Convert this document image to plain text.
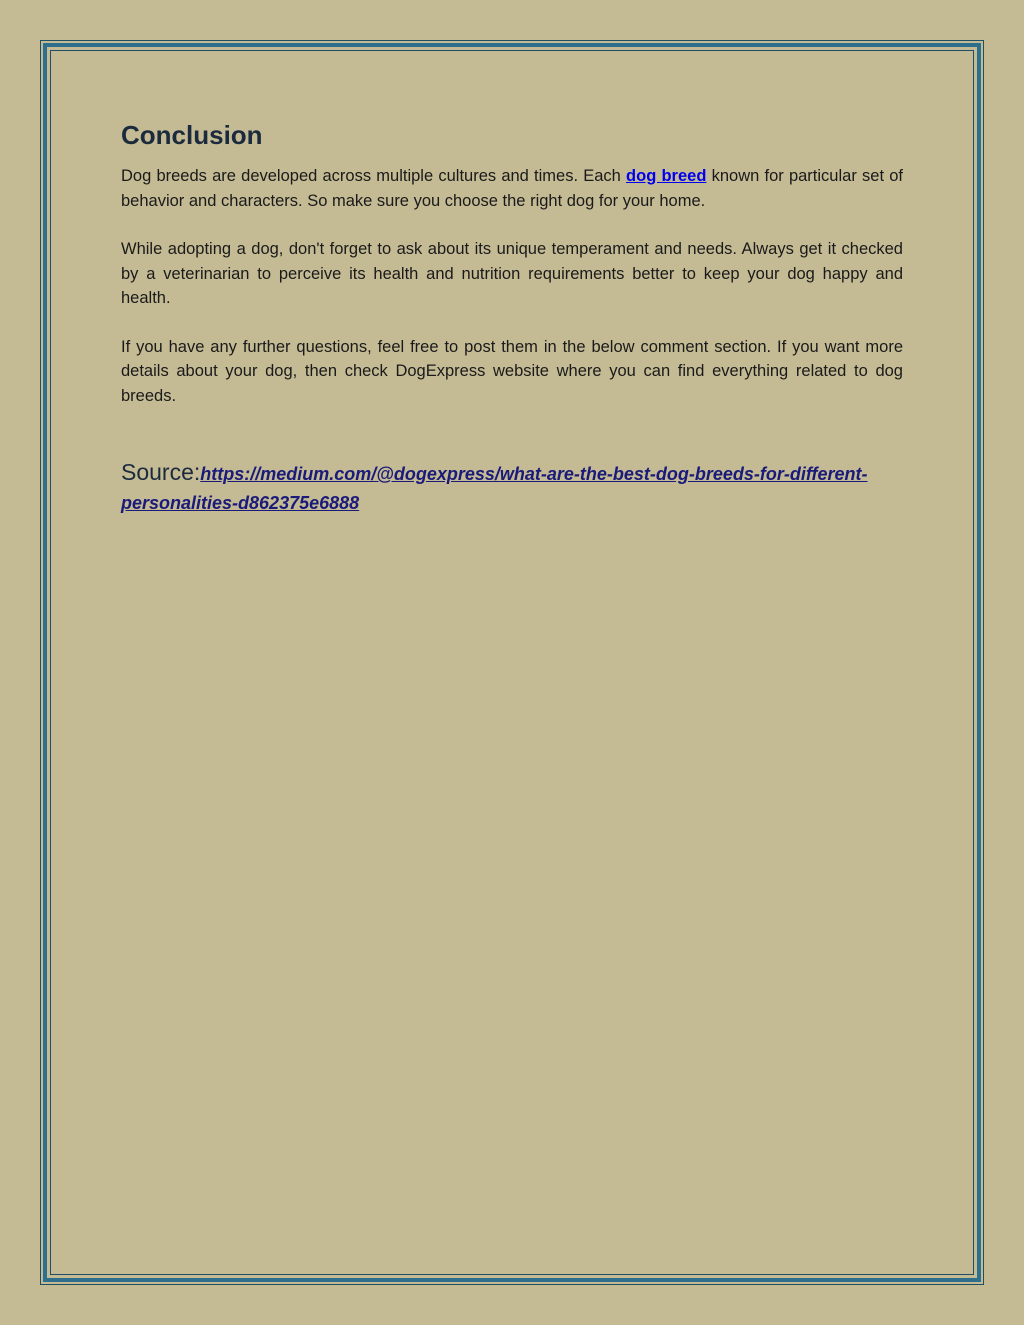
Conclusion

Dog breeds are developed across multiple cultures and times. Each dog breed known for particular set of behavior and characters. So make sure you choose the right dog for your home.

While adopting a dog, don't forget to ask about its unique temperament and needs. Always get it checked by a veterinarian to perceive its health and nutrition requirements better to keep your dog happy and health.

If you have any further questions, feel free to post them in the below comment section. If you want more details about your dog, then check DogExpress website where you can find everything related to dog breeds.

Source:https://medium.com/@dogexpress/what-are-the-best-dog-breeds-for-different-personalities-d862375e6888
